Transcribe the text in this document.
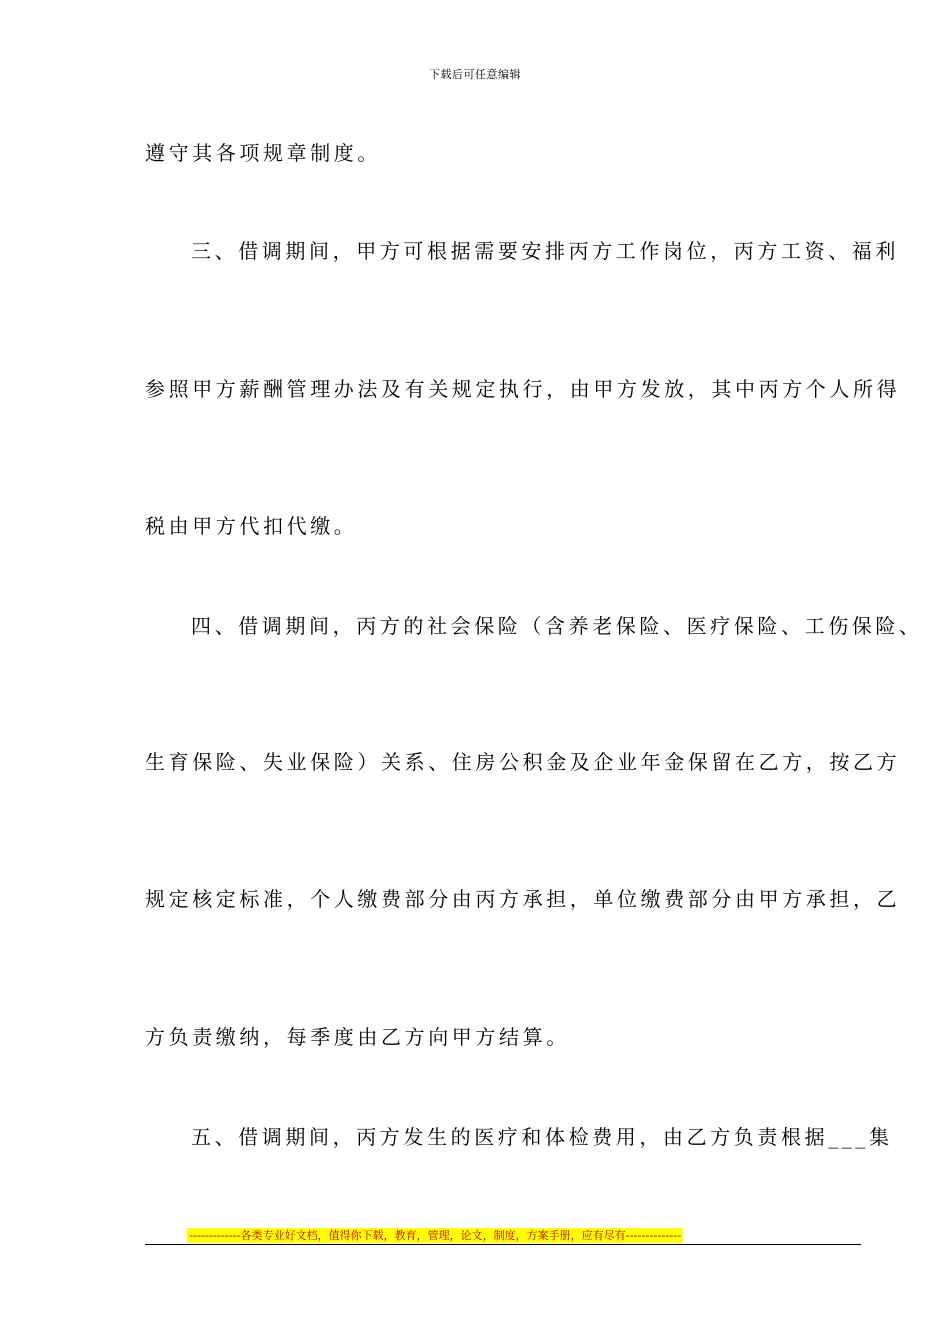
下载后可任意编辑
遵守其各项规章制度。
三、借调期间，甲方可根据需要安排丙方工作岗位，丙方工资、福利
参照甲方薪酬管理办法及有关规定执行，由甲方发放，其中丙方个人所得
税由甲方代扣代缴。
四、借调期间，丙方的社会保险（含养老保险、医疗保险、工伤保险、
生育保险、失业保险）关系、住房公积金及企业年金保留在乙方，按乙方
规定核定标准，个人缴费部分由丙方承担，单位缴费部分由甲方承担，乙
方负责缴纳，每季度由乙方向甲方结算。
五、借调期间，丙方发生的医疗和体检费用，由乙方负责根据___集
-------------各类专业好文档，值得你下载，教育，管理，论文，制度，方案手册，应有尽有--------------
